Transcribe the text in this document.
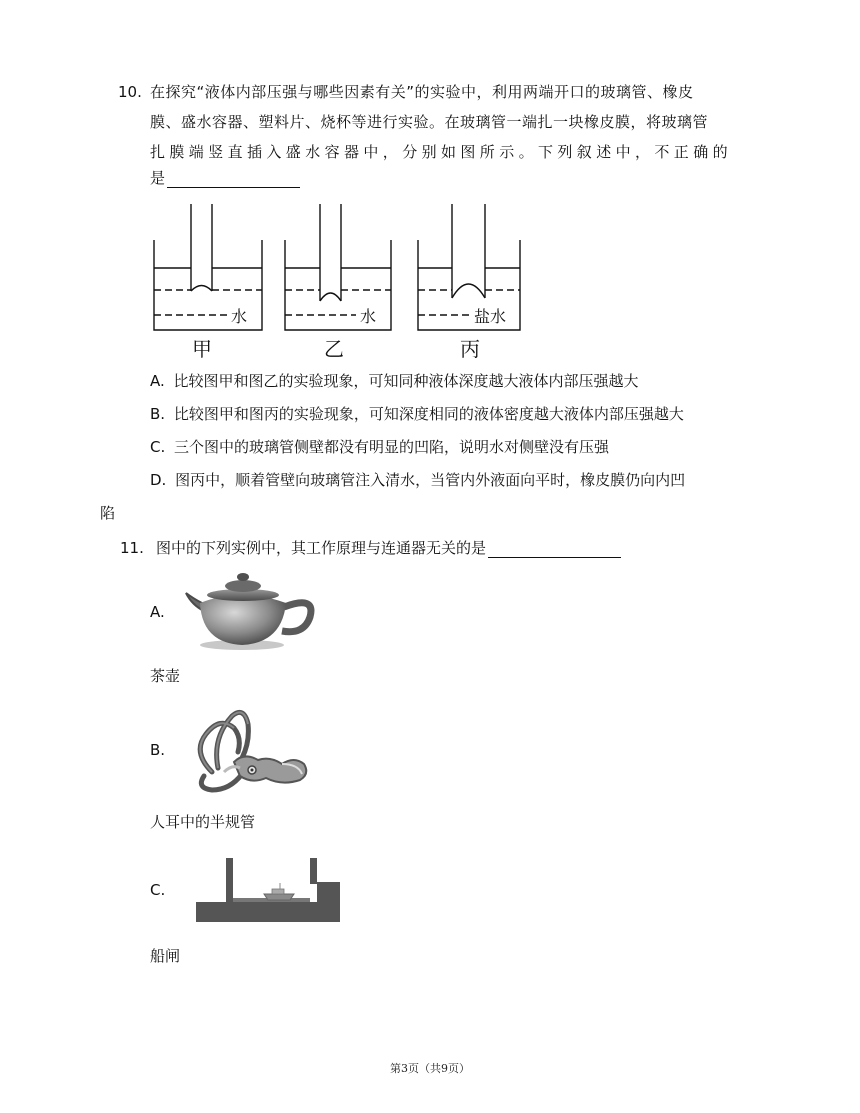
10. 在探究“液体内部压强与哪些因素有关”的实验中，利用两端开口的玻璃管、橡皮
膜、盛水容器、塑料片、烧杯等进行实验。在玻璃管一端扎一块橡皮膜，将玻璃管
扎膜端竖直插入盛水容器中，分别如图所示。下列叙述中，不正确的
是
水	水	盐水
甲	乙	丙
A. 比较图甲和图乙的实验现象，可知同种液体深度越大液体内部压强越大
B. 比较图甲和图丙的实验现象，可知深度相同的液体密度越大液体内部压强越大
C. 三个图中的玻璃管侧壁都没有明显的凹陷，说明水对侧壁没有压强
D. 图丙中，顺着管壁向玻璃管注入清水，当管内外液面向平时，橡皮膜仍向内凹
陷
11. 图中的下列实例中，其工作原理与连通器无关的是
A.
茶壶
B.
人耳中的半规管
C.
船闸
第3页（共9页）
